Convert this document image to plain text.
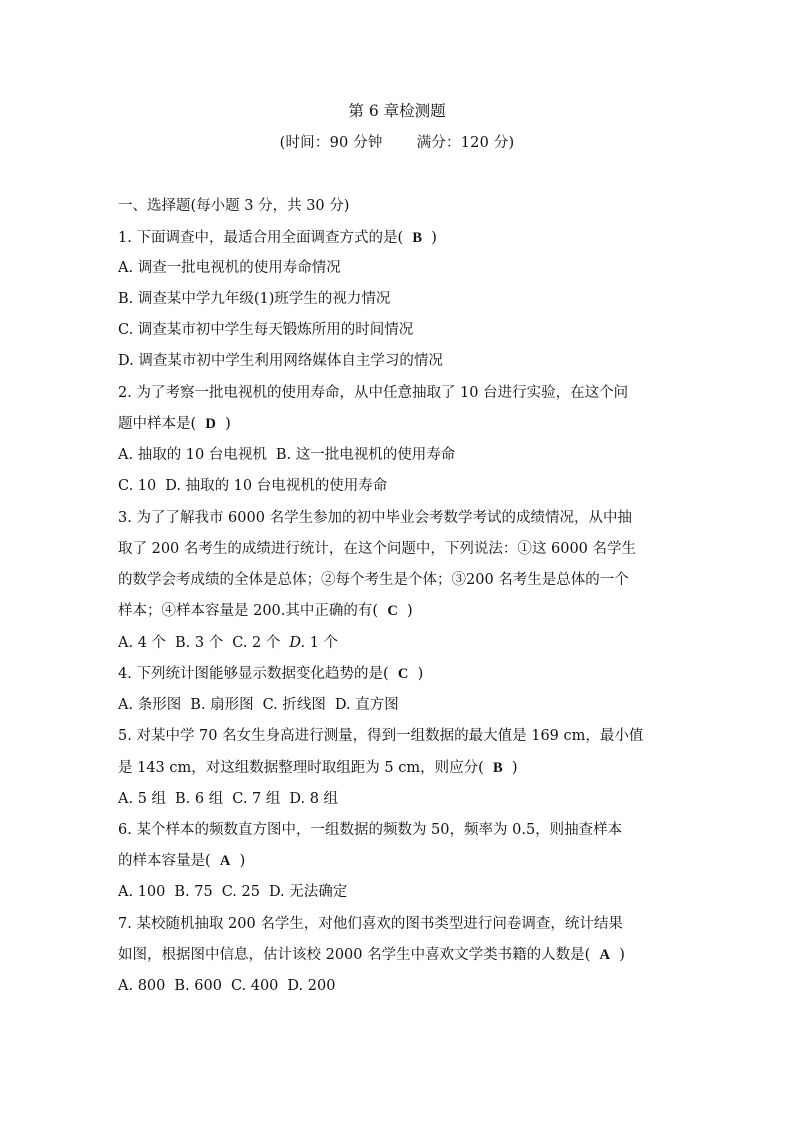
第 6 章检测题
(时间：90 分钟 满分：120 分)
一、选择题(每小题 3 分，共 30 分)
1. 下面调查中，最适合用全面调查方式的是( B )
A. 调查一批电视机的使用寿命情况
B. 调查某中学九年级(1)班学生的视力情况
C. 调查某市初中学生每天锻炼所用的时间情况
D. 调查某市初中学生利用网络媒体自主学习的情况
2. 为了考察一批电视机的使用寿命，从中任意抽取了 10 台进行实验，在这个问
题中样本是( D )
A. 抽取的 10 台电视机 B. 这一批电视机的使用寿命
C. 10 D. 抽取的 10 台电视机的使用寿命
3. 为了了解我市 6000 名学生参加的初中毕业会考数学考试的成绩情况，从中抽
取了 200 名考生的成绩进行统计，在这个问题中，下列说法：①这 6000 名学生
的数学会考成绩的全体是总体；②每个考生是个体；③200 名考生是总体的一个
样本；④样本容量是 200.其中正确的有( C )
A. 4 个 B. 3 个 C. 2 个 D. 1 个
4. 下列统计图能够显示数据变化趋势的是( C )
A. 条形图 B. 扇形图 C. 折线图 D. 直方图
5. 对某中学 70 名女生身高进行测量，得到一组数据的最大值是 169 cm，最小值
是 143 cm，对这组数据整理时取组距为 5 cm，则应分( B )
A. 5 组 B. 6 组 C. 7 组 D. 8 组
6. 某个样本的频数直方图中，一组数据的频数为 50，频率为 0.5，则抽查样本
的样本容量是( A )
A. 100 B. 75 C. 25 D. 无法确定
7. 某校随机抽取 200 名学生，对他们喜欢的图书类型进行问卷调查，统计结果
如图，根据图中信息，估计该校 2000 名学生中喜欢文学类书籍的人数是( A )
A. 800 B. 600 C. 400 D. 200
